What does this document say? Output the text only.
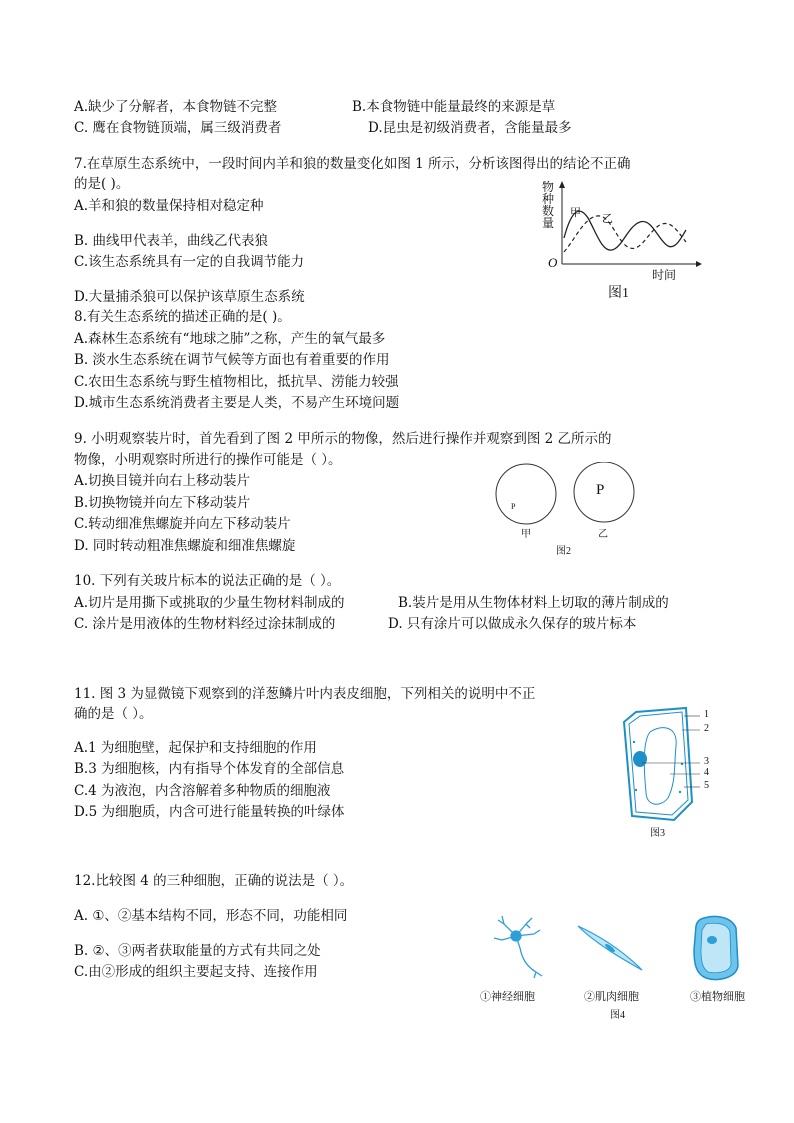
A.缺少了分解者，本食物链不完整	B.本食物链中能量最终的来源是草
C. 鹰在食物链顶端，属三级消费者	D.昆虫是初级消费者，含能量最多
7.在草原生态系统中，一段时间内羊和狼的数量变化如图 1 所示，分析该图得出的结论不正确
的是( )。
A.羊和狼的数量保持相对稳定种
B. 曲线甲代表羊，曲线乙代表狼
C.该生态系统具有一定的自我调节能力
D.大量捕杀狼可以保护该草原生态系统
物种数量
甲 乙
O
时间
图1
8.有关生态系统的描述正确的是( )。
A.森林生态系统有“地球之肺”之称，产生的氧气最多
B. 淡水生态系统在调节气候等方面也有着重要的作用
C.农田生态系统与野生植物相比，抵抗旱、涝能力较强
D.城市生态系统消费者主要是人类，不易产生环境问题
9. 小明观察装片时，首先看到了图 2 甲所示的物像，然后进行操作并观察到图 2 乙所示的
物像，小明观察时所进行的操作可能是（ ）。
A.切换目镜并向右上移动装片
B.切换物镜并向左下移动装片
C.转动细准焦螺旋并向左下移动装片
D. 同时转动粗准焦螺旋和细准焦螺旋
P
P
甲	乙
图2
10. 下列有关玻片标本的说法正确的是（ ）。
A.切片是用撕下或挑取的少量生物材料制成的	B.装片是用从生物体材料上切取的薄片制成的
C. 涂片是用液体的生物材料经过涂抹制成的	D. 只有涂片可以做成永久保存的玻片标本
11. 图 3 为显微镜下观察到的洋葱鳞片叶内表皮细胞，下列相关的说明中不正
确的是（ ）。
A.1 为细胞壁，起保护和支持细胞的作用
B.3 为细胞核，内有指导个体发育的全部信息
C.4 为液泡，内含溶解着多种物质的细胞液
D.5 为细胞质，内含可进行能量转换的叶绿体
1
2
3
4
5
图3
12.比较图 4 的三种细胞，正确的说法是（ ）。
A. ①、②基本结构不同，形态不同，功能相同
B. ②、③两者获取能量的方式有共同之处
C.由②形成的组织主要起支持、连接作用
①神经细胞	②肌肉细胞	③植物细胞
图4
